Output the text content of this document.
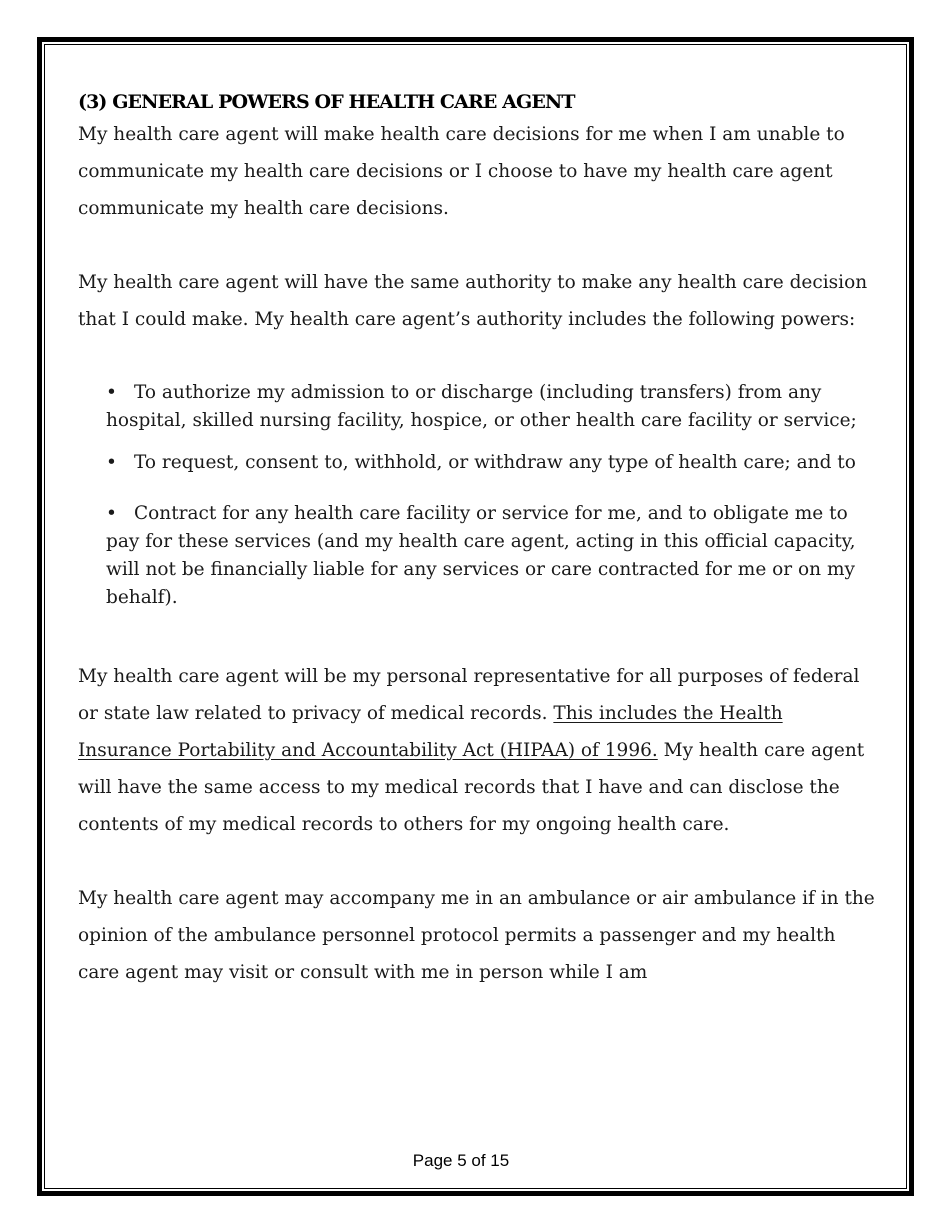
(3) GENERAL POWERS OF HEALTH CARE AGENT

My health care agent will make health care decisions for me when I am unable to communicate my health care decisions or I choose to have my health care agent communicate my health care decisions.

My health care agent will have the same authority to make any health care decision that I could make. My health care agent’s authority includes the following powers:

• To authorize my admission to or discharge (including transfers) from any hospital, skilled nursing facility, hospice, or other health care facility or service;
• To request, consent to, withhold, or withdraw any type of health care; and to
• Contract for any health care facility or service for me, and to obligate me to pay for these services (and my health care agent, acting in this official capacity, will not be financially liable for any services or care contracted for me or on my behalf).

My health care agent will be my personal representative for all purposes of federal or state law related to privacy of medical records. This includes the Health Insurance Portability and Accountability Act (HIPAA) of 1996. My health care agent will have the same access to my medical records that I have and can disclose the contents of my medical records to others for my ongoing health care.

My health care agent may accompany me in an ambulance or air ambulance if in the opinion of the ambulance personnel protocol permits a passenger and my health care agent may visit or consult with me in person while I am

Page 5 of 15
